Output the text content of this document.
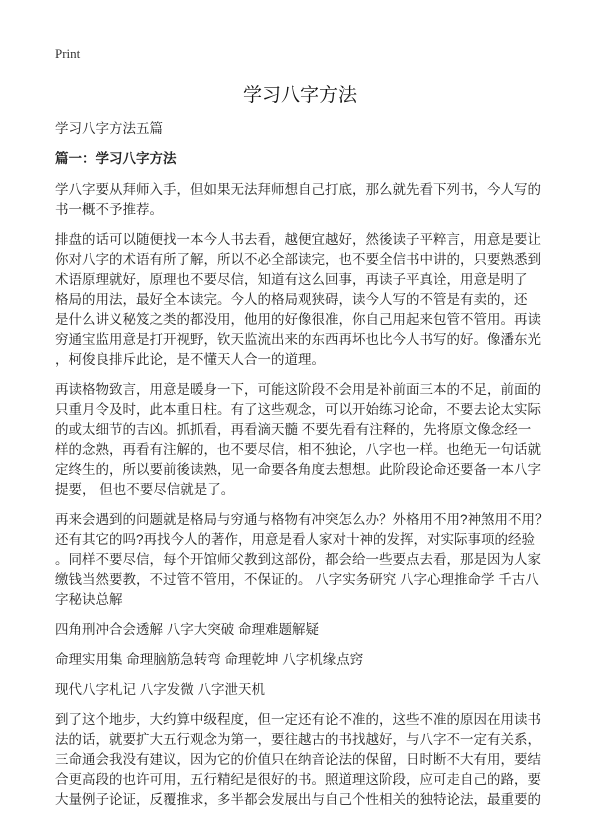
Print
学习八字方法
学习八字方法五篇
篇一：学习八字方法
学八字要从拜师入手，但如果无法拜师想自己打底，那么就先看下列书，今人写的
书一概不予推荐。
排盘的话可以随便找一本今人书去看，越便宜越好，然後读子平粹言，用意是要让
你对八字的术语有所了解，所以不必全部读完，也不要全信书中讲的，只要熟悉到
术语原理就好，原理也不要尽信，知道有这么回事，再读子平真诠，用意是明了
格局的用法，最好全本读完。今人的格局观狭碍，读今人写的不管是有卖的，还
是什么讲义秘笈之类的都没用，他用的好像很准，你自己用起来包管不管用。再读
穷通宝监用意是打开视野，钦天监流出来的东西再坏也比今人书写的好。像潘东光
，柯俊良排斥此论，是不懂天人合一的道理。
再读格物致言，用意是暖身一下，可能这阶段不会用是补前面三本的不足，前面的
只重月令及时，此本重日柱。有了这些观念，可以开始练习论命，不要去论太实际
的或太细节的吉凶。抓抓看，再看滴天髓 不要先看有注释的，先将原文像念经一
样的念熟，再看有注解的，也不要尽信，相不独论，八字也一样。也绝无一句话就
定终生的，所以要前後读熟，见一命要各角度去想想。此阶段论命还要备一本八字
提要， 但也不要尽信就是了。
再来会遇到的问题就是格局与穷通与格物有冲突怎么办？外格用不用?神煞用不用？
还有其它的吗?再找今人的著作，用意是看人家对十神的发挥，对实际事项的经验
。同样不要尽信，每个开馆师父教到这部份，都会给一些要点去看，那是因为人家
缴钱当然要教，不过管不管用，不保证的。 八字实务研究 八字心理推命学 千古八
字秘诀总解
四角刑冲合会透解 八字大突破 命理难题解疑
命理实用集 命理脑筋急转弯 命理乾坤 八字机缘点窍
现代八字札记 八字发微 八字泄天机
到了这个地步，大约算中级程度，但一定还有论不准的，这些不准的原因在用读书
法的话，就要扩大五行观念为第一，要往越古的书找越好，与八字不一定有关系，
三命通会我没有建议，因为它的价值只在纳音论法的保留，日时断不大有用，要结
合更高段的也许可用，五行精纪是很好的书。照道理这阶段，应可走自己的路，要
大量例子论证，反覆推求，多半都会发展出与自己个性相关的独特论法，最重要的
